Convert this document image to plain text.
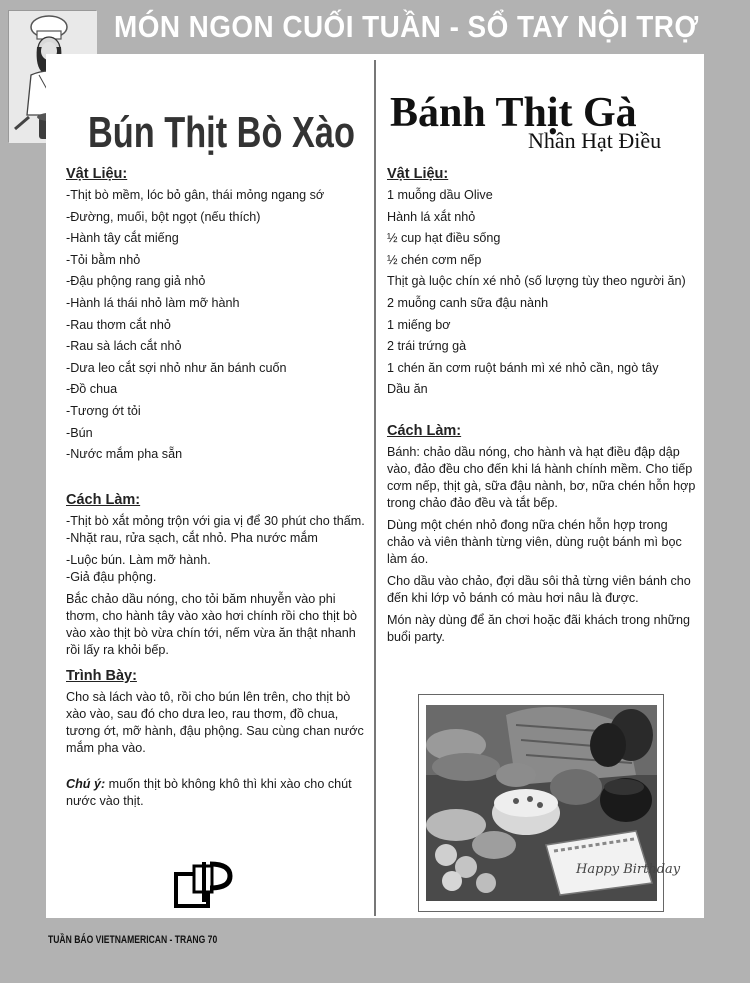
MÓN NGON CUỐI TUẦN - SỔ TAY NỘI TRỢ
Bún Thịt Bò Xào Bánh Thịt Gà
Nhân Hạt Điều
Vật Liệu:
-Thịt bò mềm, lóc bỏ gân, thái mỏng ngang sớ
-Đường, muối, bột ngọt (nếu thích)
-Hành tây cắt miếng
-Tỏi bằm nhỏ
-Đậu phộng rang giả nhỏ
-Hành lá thái nhỏ làm mỡ hành
-Rau thơm cắt nhỏ
-Rau sà lách cắt nhỏ
-Dưa leo cắt sợi nhỏ như ăn bánh cuốn
-Đồ chua
-Tương ớt tỏi
-Bún
-Nước mắm pha sẵn
Cách Làm:
-Thịt bò xắt mỏng trộn với gia vị để 30 phút cho thấm.
-Nhặt rau, rửa sạch, cắt nhỏ. Pha nước mắm
-Luộc bún. Làm mỡ hành.
-Giả đậu phộng.
Bắc chảo dầu nóng, cho tỏi băm nhuyễn vào phi thơm, cho hành tây vào xào hơi chính rồi cho thịt bò vào xào thịt bò vừa chín tới, nếm vừa ăn thật nhanh rồi lấy ra khỏi bếp.
Trình Bày:
Cho sà lách vào tô, rồi cho bún lên trên, cho thịt bò xào vào, sau đó cho dưa leo, rau thơm, đồ chua, tương ớt, mỡ hành, đậu phộng. Sau cùng chan nước mắm pha vào.
Chú ý: muốn thịt bò không khô thì khi xào cho chút nước vào thịt.
Vật Liệu:
1 muỗng dầu Olive
Hành lá xắt nhỏ
½ cup hạt điều sống
½ chén cơm nếp
Thịt gà luộc chín xé nhỏ (số lượng tùy theo người ăn)
2 muỗng canh sữa đậu nành
1 miếng bơ
2 trái trứng gà
1 chén ăn cơm ruột bánh mì xé nhỏ cần, ngò tây
Dầu ăn
Cách Làm:
Bánh: chảo dầu nóng, cho hành và hạt điều đập dập vào, đảo đều cho đến khi lá hành chính mềm. Cho tiếp cơm nếp, thịt gà, sữa đậu nành, bơ, nữa chén hỗn hợp trong chảo đảo đều và tắt bếp.
Dùng một chén nhỏ đong nữa chén hỗn hợp trong chảo và viên thành từng viên, dùng ruột bánh mì bọc làm áo.
Cho dầu vào chảo, đợi dầu sôi thả từng viên bánh cho đến khi lớp vỏ bánh có màu hơi nâu là được.
Món này dùng để ăn chơi hoặc đãi khách trong những buổi party.
Happy Birthday
TUẦN BÁO VIETNAMERICAN - TRANG 70
